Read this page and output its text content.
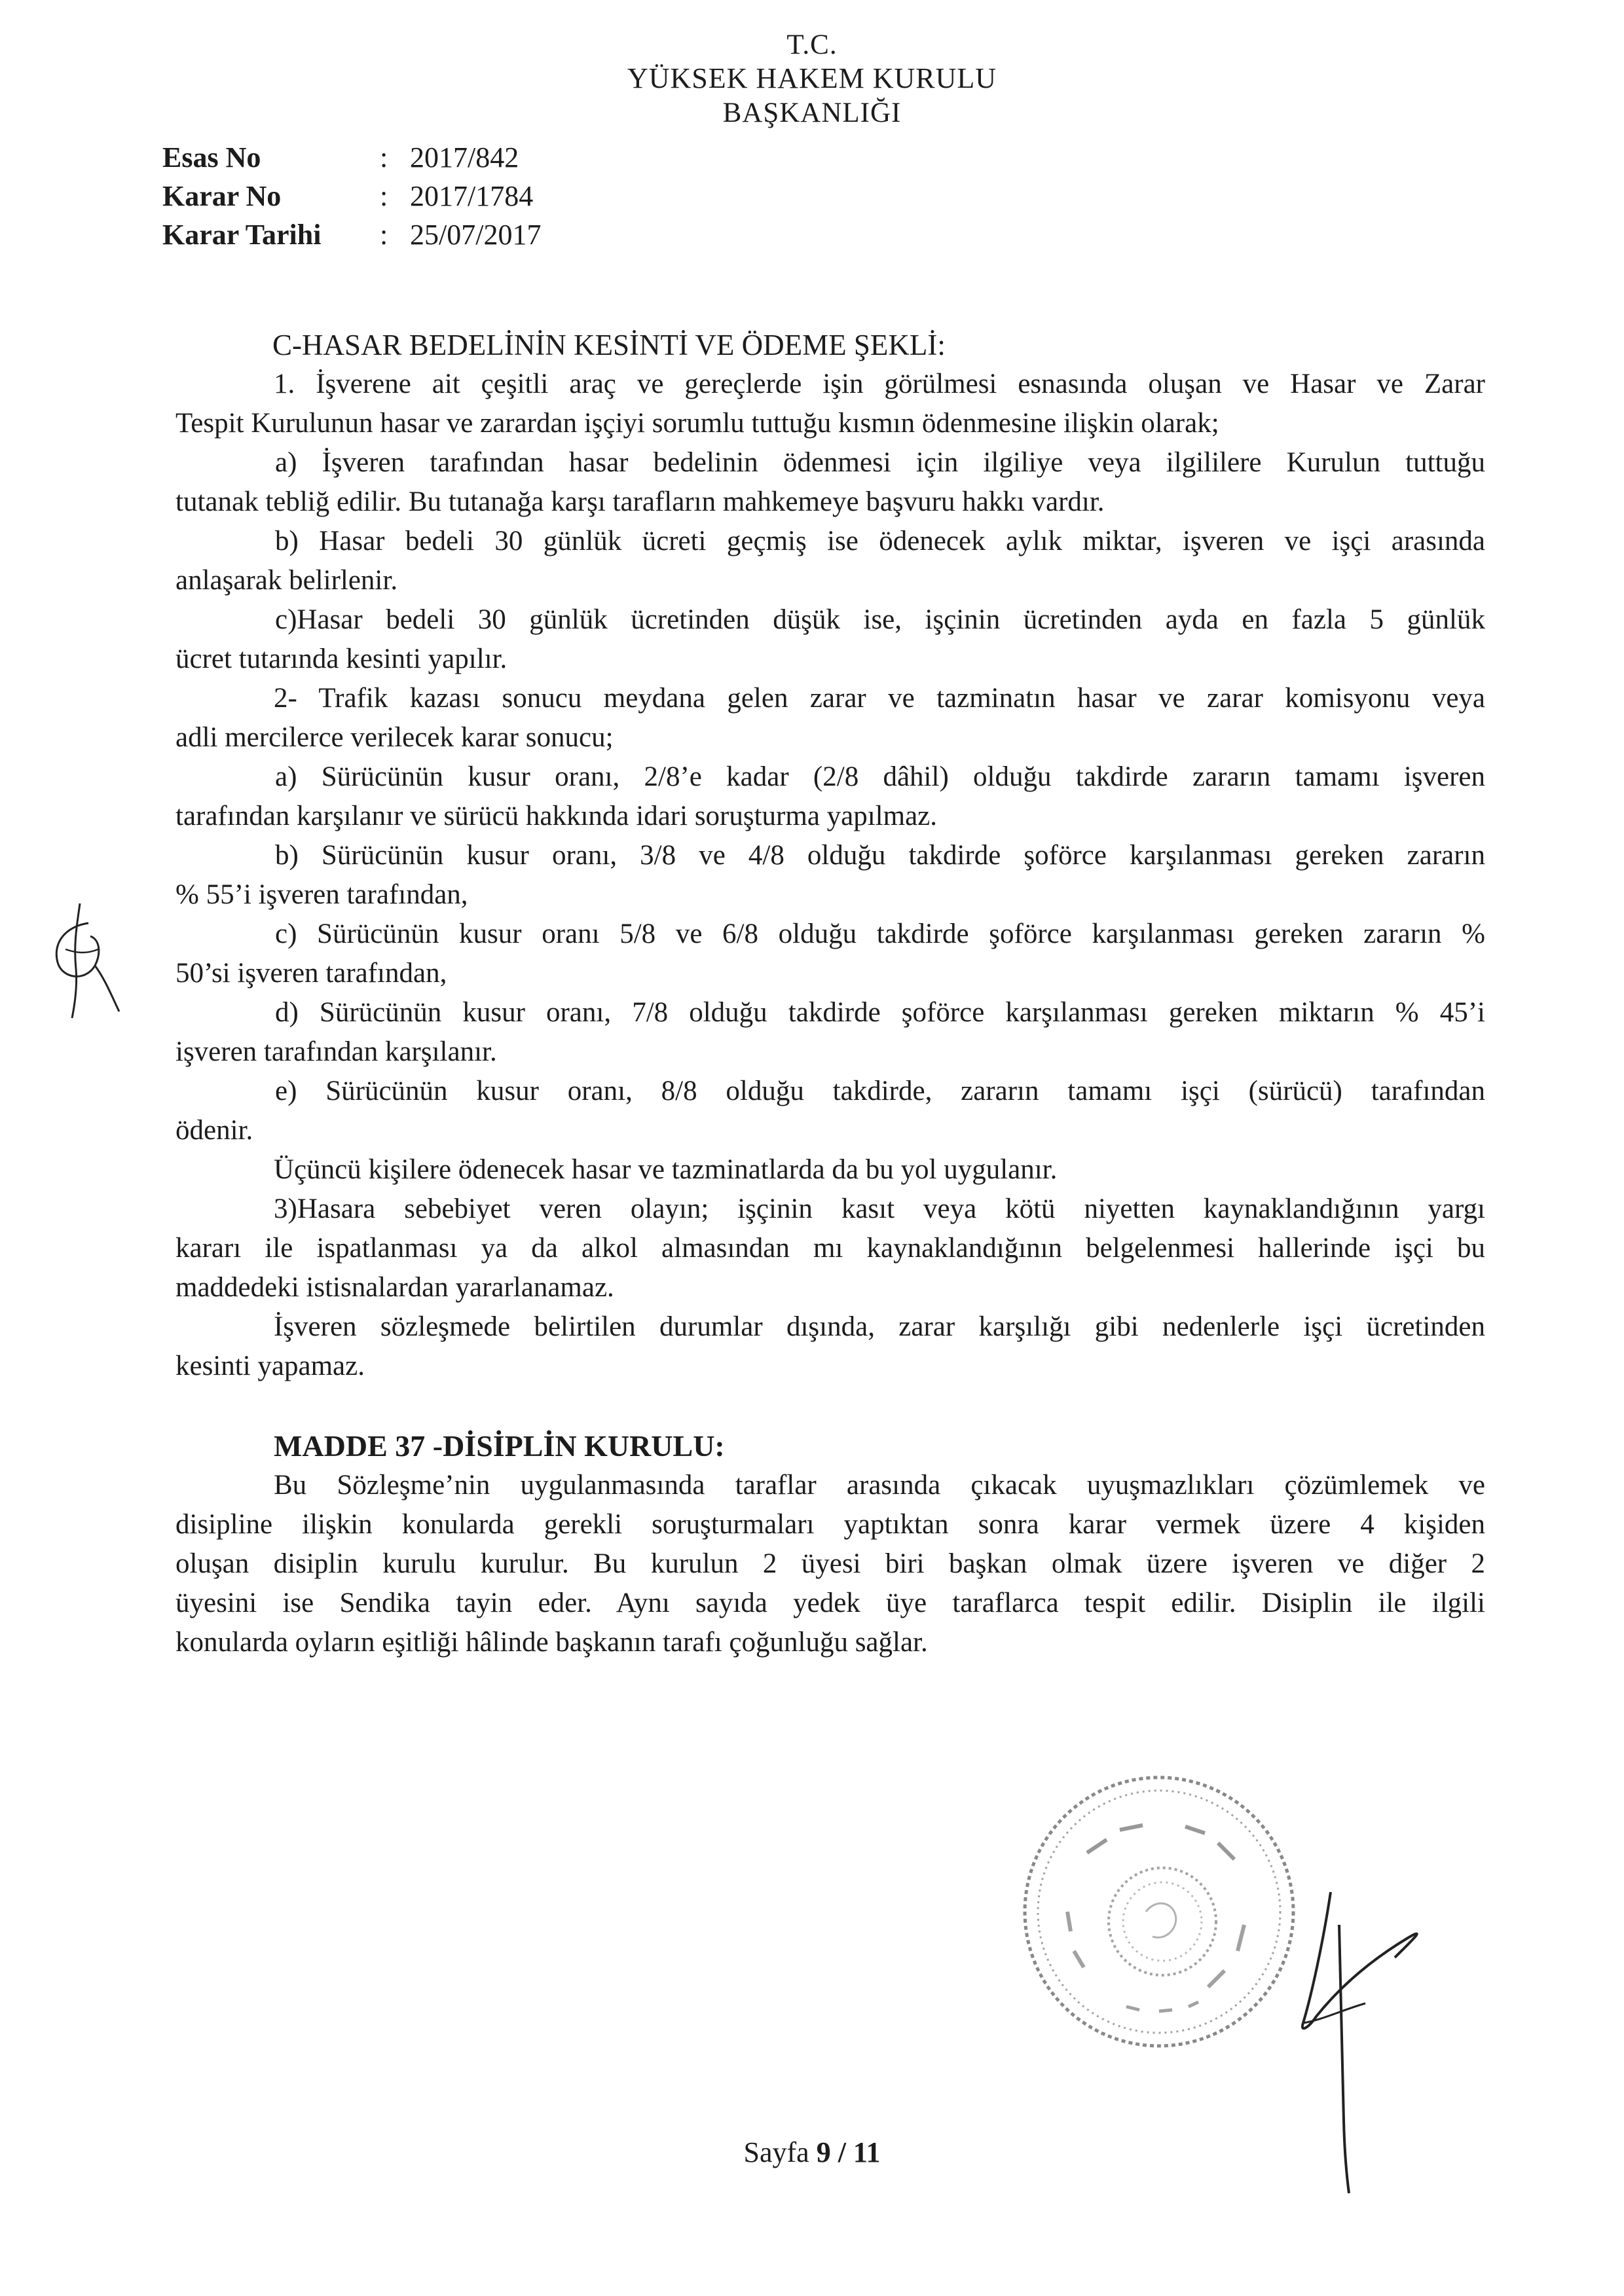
T.C.
YÜKSEK HAKEM KURULU
BAŞKANLIĞI
Esas No	: 2017/842
Karar No	: 2017/1784
Karar Tarihi : 25/07/2017
C-HASAR BEDELİNİN KESİNTİ VE ÖDEME ŞEKLİ:
1. İşverene ait çeşitli araç ve gereçlerde işin görülmesi esnasında oluşan ve Hasar ve Zarar
Tespit Kurulunun hasar ve zarardan işçiyi sorumlu tuttuğu kısmın ödenmesine ilişkin olarak;
a) İşveren tarafından hasar bedelinin ödenmesi için ilgiliye veya ilgililere Kurulun tuttuğu
tutanak tebliğ edilir. Bu tutanağa karşı tarafların mahkemeye başvuru hakkı vardır.
b) Hasar bedeli 30 günlük ücreti geçmiş ise ödenecek aylık miktar, işveren ve işçi arasında
anlaşarak belirlenir.
c)Hasar bedeli 30 günlük ücretinden düşük ise, işçinin ücretinden ayda en fazla 5 günlük
ücret tutarında kesinti yapılır.
2- Trafik kazası sonucu meydana gelen zarar ve tazminatın hasar ve zarar komisyonu veya
adli mercilerce verilecek karar sonucu;
a) Sürücünün kusur oranı, 2/8’e kadar (2/8 dâhil) olduğu takdirde zararın tamamı işveren
tarafından karşılanır ve sürücü hakkında idari soruşturma yapılmaz.
b) Sürücünün kusur oranı, 3/8 ve 4/8 olduğu takdirde şoförce karşılanması gereken zararın
% 55’i işveren tarafından,
c) Sürücünün kusur oranı 5/8 ve 6/8 olduğu takdirde şoförce karşılanması gereken zararın %
50’si işveren tarafından,
d) Sürücünün kusur oranı, 7/8 olduğu takdirde şoförce karşılanması gereken miktarın % 45’i
işveren tarafından karşılanır.
e) Sürücünün kusur oranı, 8/8 olduğu takdirde, zararın tamamı işçi (sürücü) tarafından
ödenir.
Üçüncü kişilere ödenecek hasar ve tazminatlarda da bu yol uygulanır.
3)Hasara sebebiyet veren olayın; işçinin kasıt veya kötü niyetten kaynaklandığının yargı
kararı ile ispatlanması ya da alkol almasından mı kaynaklandığının belgelenmesi hallerinde işçi bu
maddedeki istisnalardan yararlanamaz.
İşveren sözleşmede belirtilen durumlar dışında, zarar karşılığı gibi nedenlerle işçi ücretinden
kesinti yapamaz.
MADDE 37 -DİSİPLİN KURULU:
Bu Sözleşme’nin uygulanmasında taraflar arasında çıkacak uyuşmazlıkları çözümlemek ve
disipline ilişkin konularda gerekli soruşturmaları yaptıktan sonra karar vermek üzere 4 kişiden
oluşan disiplin kurulu kurulur. Bu kurulun 2 üyesi biri başkan olmak üzere işveren ve diğer 2
üyesini ise Sendika tayin eder. Aynı sayıda yedek üye taraflarca tespit edilir. Disiplin ile ilgili
konularda oyların eşitliği hâlinde başkanın tarafı çoğunluğu sağlar.
Sayfa 9 / 11
